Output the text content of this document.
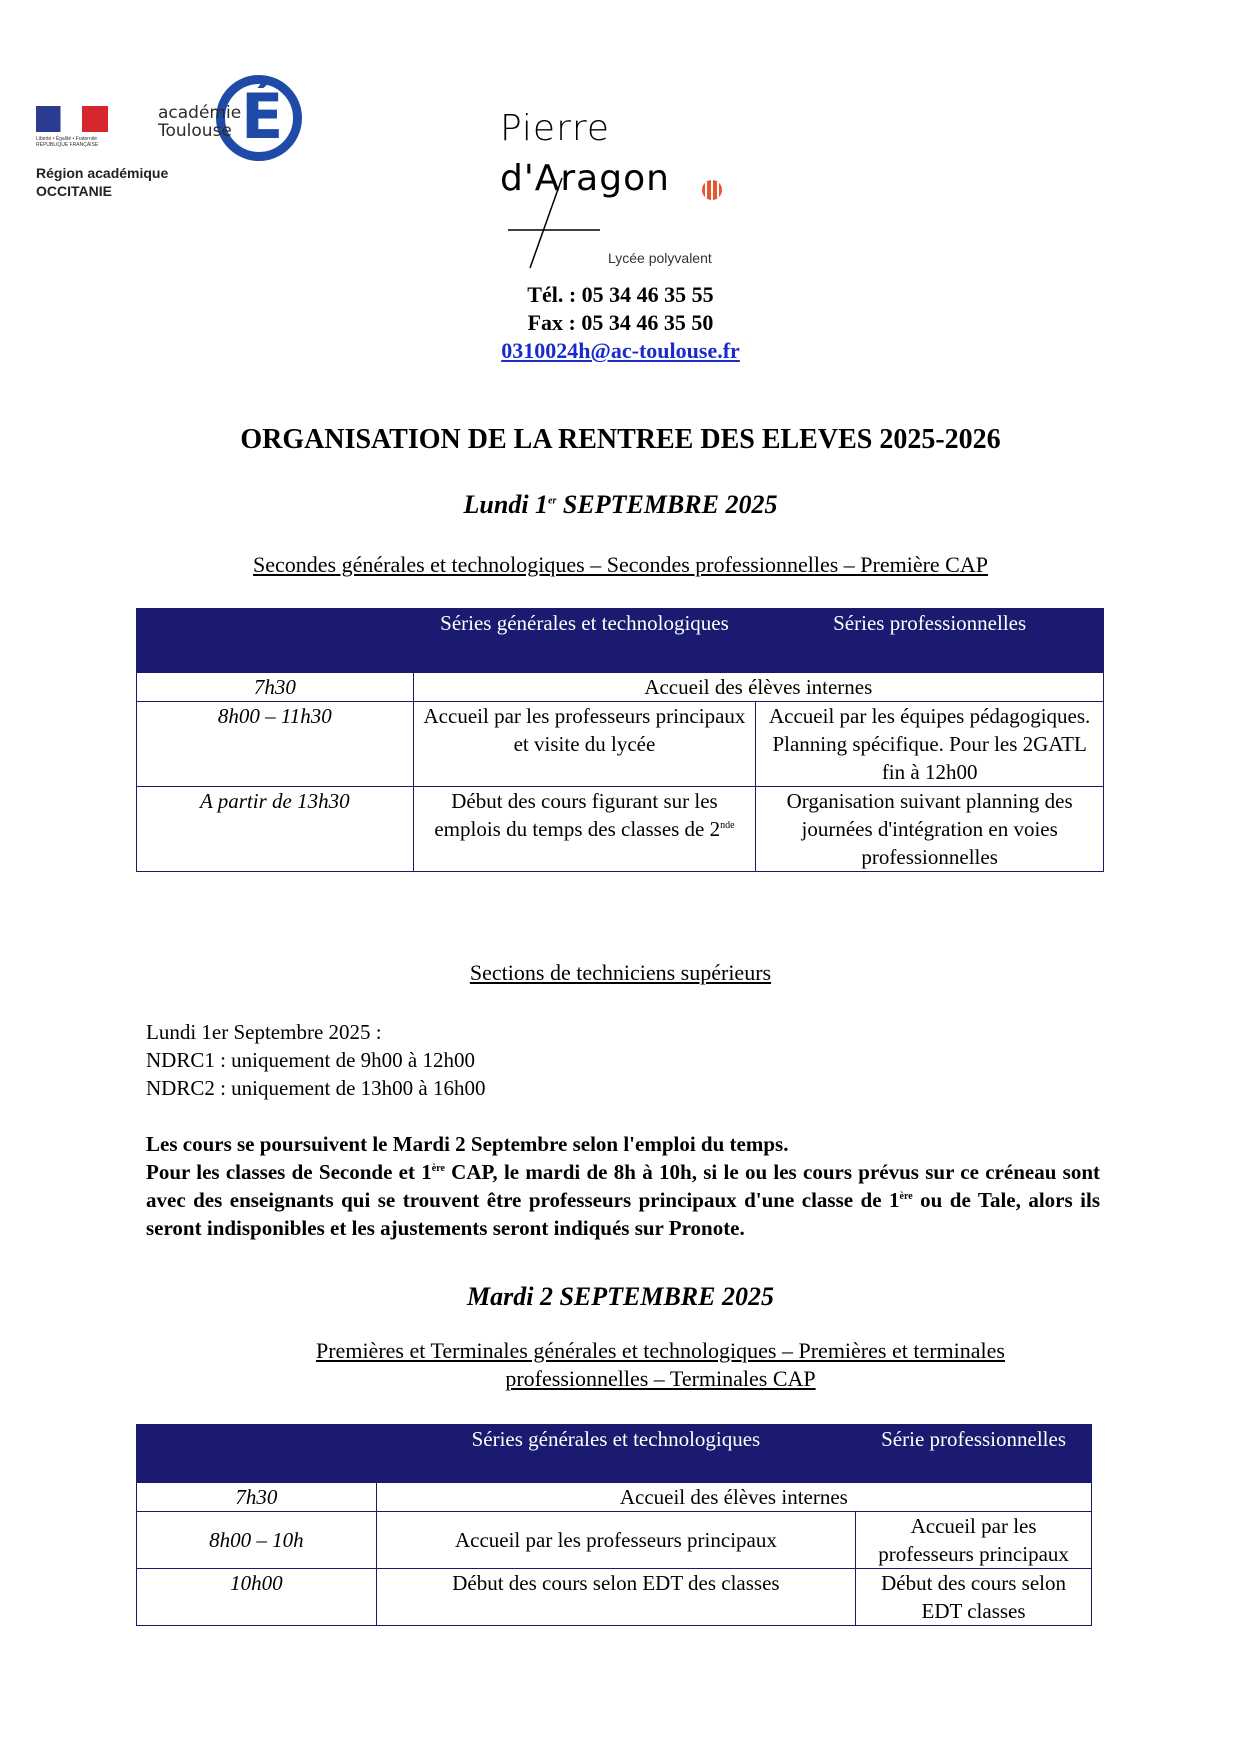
Liberté • Égalité • Fraternité RÉPUBLIQUE FRANÇAISE É
académie Toulouse
Région académique
OCCITANIE
Pierre
d'Aragon
Lycée polyvalent
Tél. : 05 34 46 35 55
Fax : 05 34 46 35 50
0310024h@ac-toulouse.fr
ORGANISATION DE LA RENTREE DES ELEVES 2025-2026
Lundi 1er SEPTEMBRE 2025
Secondes générales et technologiques – Secondes professionnelles – Première CAP
	Séries générales et technologiques	Séries professionnelles
7h30	Accueil des élèves internes	
8h00 – 11h30	Accueil par les professeurs principaux et visite du lycée	Accueil par les équipes pédagogiques. Planning spécifique. Pour les 2GATL fin à 12h00
A partir de 13h30	Début des cours figurant sur les emplois du temps des classes de 2nde	Organisation suivant planning des journées d'intégration en voies professionnelles
Sections de techniciens supérieurs
Lundi 1er Septembre 2025 :
NDRC1 : uniquement de 9h00 à 12h00
NDRC2 : uniquement de 13h00 à 16h00
Les cours se poursuivent le Mardi 2 Septembre selon l'emploi du temps.
Pour les classes de Seconde et 1ère CAP, le mardi de 8h à 10h, si le ou les cours prévus sur ce créneau sont avec des enseignants qui se trouvent être professeurs principaux d'une classe de 1ère ou de Tale, alors ils seront indisponibles et les ajustements seront indiqués sur Pronote.
Mardi 2 SEPTEMBRE 2025
Premières et Terminales générales et technologiques – Premières et terminales
professionnelles – Terminales CAP
	Séries générales et technologiques	Série professionnelles
7h30	Accueil des élèves internes	
8h00 – 10h	Accueil par les professeurs principaux	Accueil par les professeurs principaux
10h00	Début des cours selon EDT des classes	Début des cours selon EDT classes
